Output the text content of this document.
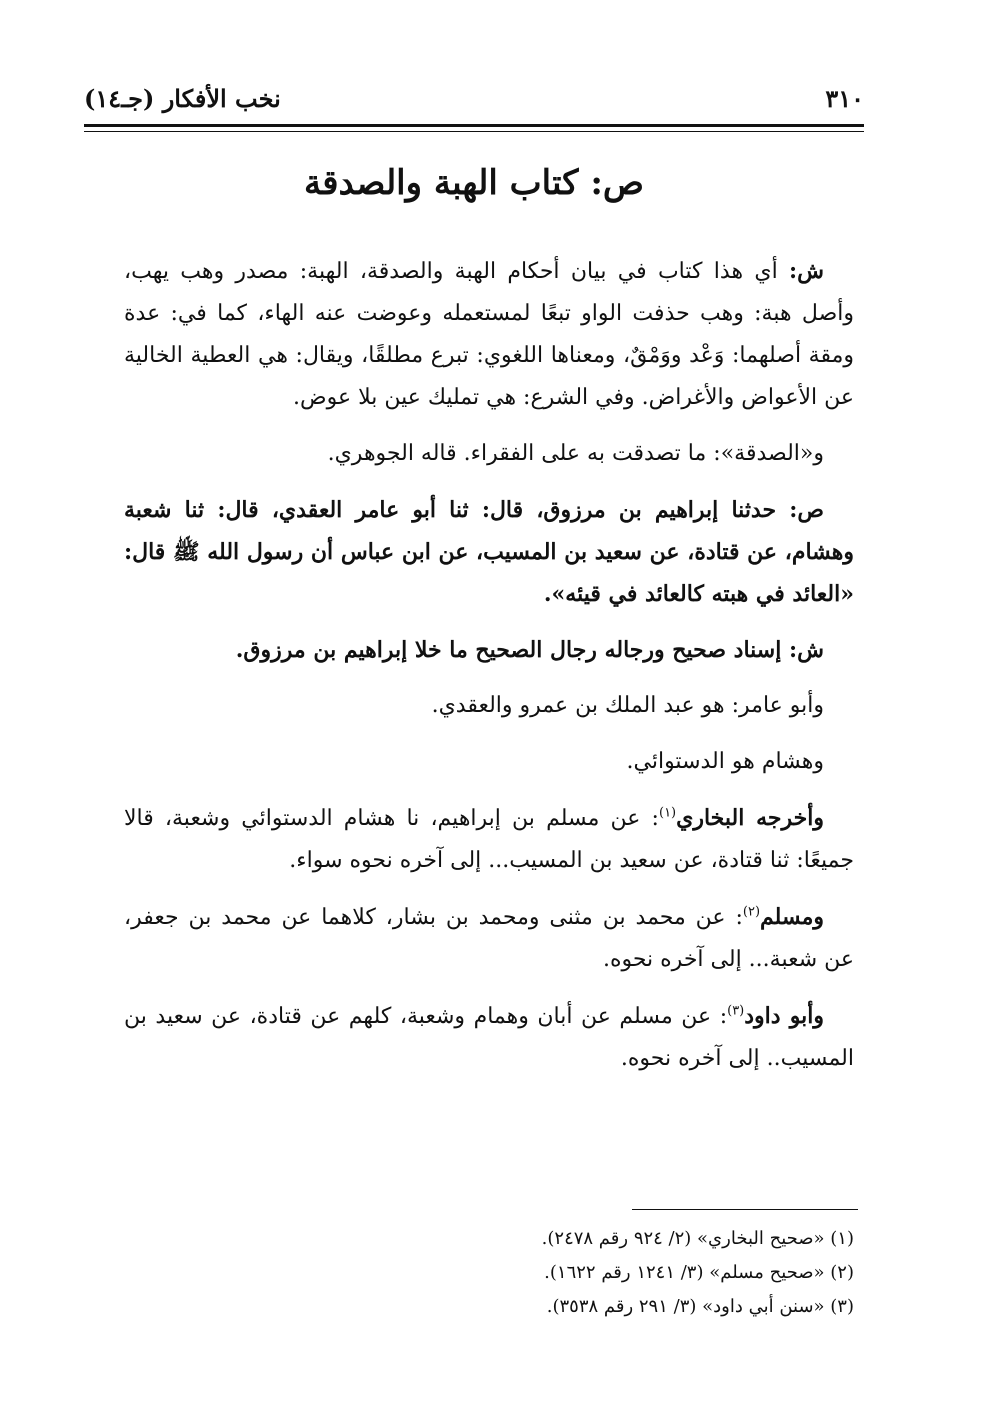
٣١٠
نخب الأفكار (جـ١٤)
ص: كتاب الهبة والصدقة

ش: أي هذا كتاب في بيان أحكام الهبة والصدقة، الهبة: مصدر وهب يهب، وأصل هبة: وهب حذفت الواو تبعًا لمستعمله وعوضت عنه الهاء، كما في: عدة ومقة أصلهما: وَعْد ووَمْقٌ، ومعناها اللغوي: تبرع مطلقًا، ويقال: هي العطية الخالية عن الأعواض والأغراض. وفي الشرع: هي تمليك عين بلا عوض.

و«الصدقة»: ما تصدقت به على الفقراء. قاله الجوهري.

ص: حدثنا إبراهيم بن مرزوق، قال: ثنا أبو عامر العقدي، قال: ثنا شعبة وهشام، عن قتادة، عن سعيد بن المسيب، عن ابن عباس أن رسول الله ﷺ قال: «العائد في هبته كالعائد في قيئه».

ش: إسناد صحيح ورجاله رجال الصحيح ما خلا إبراهيم بن مرزوق.

وأبو عامر: هو عبد الملك بن عمرو والعقدي.

وهشام هو الدستوائي.

وأخرجه البخاري$^{(١)}$: عن مسلم بن إبراهيم، نا هشام الدستوائي وشعبة، قالا جميعًا: ثنا قتادة، عن سعيد بن المسيب... إلى آخره نحوه سواء.

ومسلم$^{(٢)}$: عن محمد بن مثنى ومحمد بن بشار، كلاهما عن محمد بن جعفر، عن شعبة... إلى آخره نحوه.

وأبو داود$^{(٣)}$: عن مسلم عن أبان وهمام وشعبة، كلهم عن قتادة، عن سعيد بن المسيب.. إلى آخره نحوه.

(١) «صحيح البخاري» (٢/ ٩٢٤ رقم ٢٤٧٨).

(٢) «صحيح مسلم» (٣/ ١٢٤١ رقم ١٦٢٢).

(٣) «سنن أبي داود» (٣/ ٢٩١ رقم ٣٥٣٨).
